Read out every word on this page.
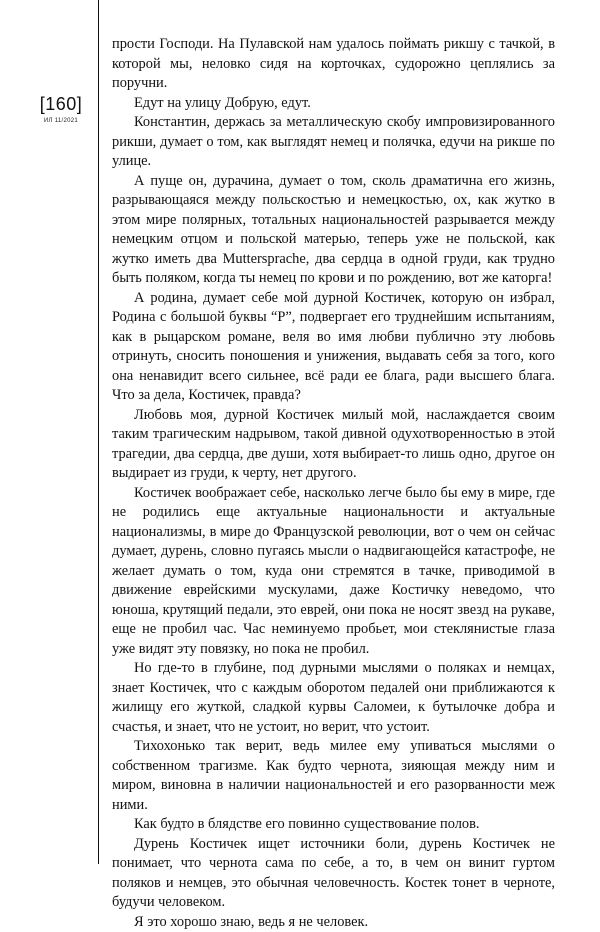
[160]
ИЛ 11/2021

прости Господи. На Пулавской нам удалось поймать рикшу с тачкой, в которой мы, неловко сидя на корточках, судорожно цеплялись за поручни.

Едут на улицу Добрую, едут.

Константин, держась за металлическую скобу импровизированного рикши, думает о том, как выглядят немец и полячка, едучи на рикше по улице.

А пуще он, дурачина, думает о том, сколь драматична его жизнь, разрывающаяся между польскостью и немецкостью, ох, как жутко в этом мире полярных, тотальных национальностей разрывается между немецким отцом и польской матерью, теперь уже не польской, как жутко иметь два Muttersprache, два сердца в одной груди, как трудно быть поляком, когда ты немец по крови и по рождению, вот же каторга!

А родина, думает себе мой дурной Костичек, которую он избрал, Родина с большой буквы “Р”, подвергает его труднейшим испытаниям, как в рыцарском романе, веля во имя любви публично эту любовь отринуть, сносить поношения и унижения, выдавать себя за того, кого она ненавидит всего сильнее, всё ради ее блага, ради высшего блага. Что за дела, Костичек, правда?

Любовь моя, дурной Костичек милый мой, наслаждается своим таким трагическим надрывом, такой дивной одухотворенностью в этой трагедии, два сердца, две души, хотя выбирает-то лишь одно, другое он выдирает из груди, к черту, нет другого.

Костичек воображает себе, насколько легче было бы ему в мире, где не родились еще актуальные национальности и актуальные национализмы, в мире до Французской революции, вот о чем он сейчас думает, дурень, словно пугаясь мысли о надвигающейся катастрофе, не желает думать о том, куда они стремятся в тачке, приводимой в движение еврейскими мускулами, даже Костичку неведомо, что юноша, крутящий педали, это еврей, они пока не носят звезд на рукаве, еще не пробил час. Час неминуемо пробьет, мои стеклянистые глаза уже видят эту повязку, но пока не пробил.

Но где-то в глубине, под дурными мыслями о поляках и немцах, знает Костичек, что с каждым оборотом педалей они приближаются к жилищу его жуткой, сладкой курвы Саломеи, к бутылочке добра и счастья, и знает, что не устоит, но верит, что устоит.

Тихохонько так верит, ведь милее ему упиваться мыслями о собственном трагизме. Как будто чернота, зияющая между ним и миром, виновна в наличии национальностей и его разорванности меж ними.

Как будто в блядстве его повинно существование полов.

Дурень Костичек ищет источники боли, дурень Костичек не понимает, что чернота сама по себе, а то, в чем он винит гуртом поляков и немцев, это обычная человечность. Костек тонет в черноте, будучи человеком.

Я это хорошо знаю, ведь я не человек.
